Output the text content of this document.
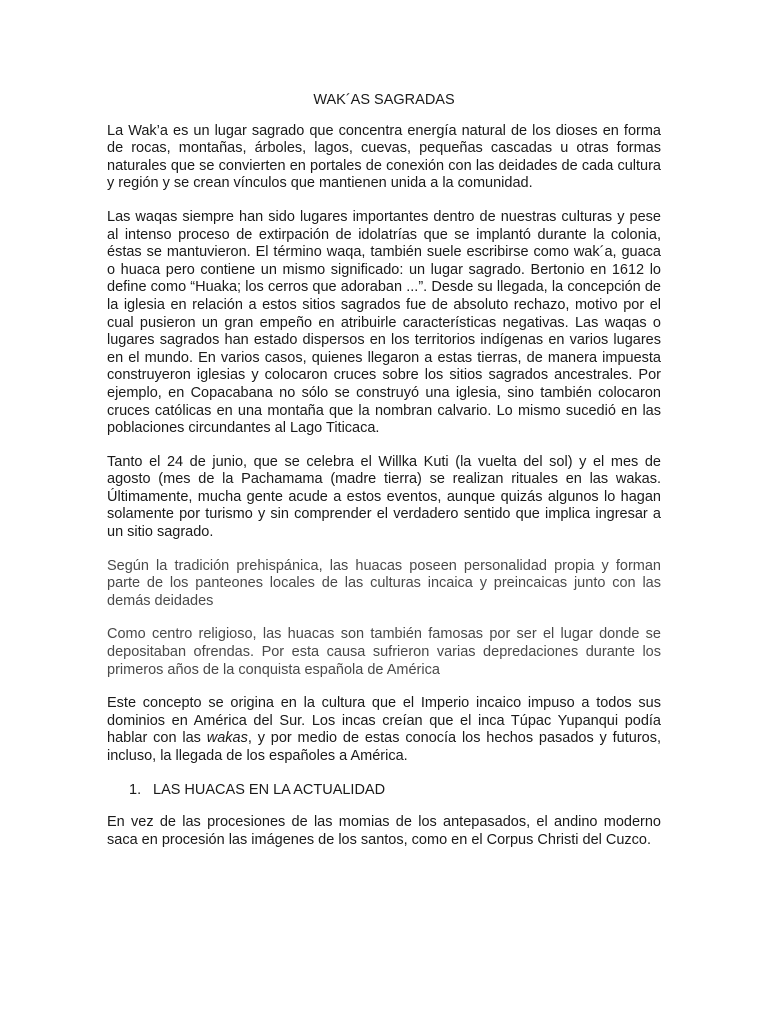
WAK´AS SAGRADAS

La Wak’a es un lugar sagrado que concentra energía natural de los dioses en forma de rocas, montañas, árboles, lagos, cuevas, pequeñas cascadas u otras formas naturales que se convierten en portales de conexión con las deidades de cada cultura y región y se crean vínculos que mantienen unida a la comunidad.

Las waqas siempre han sido lugares importantes dentro de nuestras culturas y pese al intenso proceso de extirpación de idolatrías que se implantó durante la colonia, éstas se mantuvieron. El término waqa, también suele escribirse como wak´a, guaca o huaca pero contiene un mismo significado: un lugar sagrado. Bertonio en 1612 lo define como “Huaka; los cerros que adoraban ...”. Desde su llegada, la concepción de la iglesia en relación a estos sitios sagrados fue de absoluto rechazo, motivo por el cual pusieron un gran empeño en atribuirle características negativas. Las waqas o lugares sagrados han estado dispersos en los territorios indígenas en varios lugares en el mundo. En varios casos, quienes llegaron a estas tierras, de manera impuesta construyeron iglesias y colocaron cruces sobre los sitios sagrados ancestrales. Por ejemplo, en Copacabana no sólo se construyó una iglesia, sino también colocaron cruces católicas en una montaña que la nombran calvario. Lo mismo sucedió en las poblaciones circundantes al Lago Titicaca.

Tanto el 24 de junio, que se celebra el Willka Kuti (la vuelta del sol) y el mes de agosto (mes de la Pachamama (madre tierra) se realizan rituales en las wakas. Últimamente, mucha gente acude a estos eventos, aunque quizás algunos lo hagan solamente por turismo y sin comprender el verdadero sentido que implica ingresar a un sitio sagrado.

Según la tradición prehispánica, las huacas poseen personalidad propia y forman parte de los panteones locales de las culturas incaica y preincaicas junto con las demás deidades

Como centro religioso, las huacas son también famosas por ser el lugar donde se depositaban ofrendas. Por esta causa sufrieron varias depredaciones durante los primeros años de la conquista española de América

Este concepto se origina en la cultura que el Imperio incaico impuso a todos sus dominios en América del Sur. Los incas creían que el inca Túpac Yupanqui podía hablar con las wakas, y por medio de estas conocía los hechos pasados y futuros, incluso, la llegada de los españoles a América.

1. LAS HUACAS EN LA ACTUALIDAD

En vez de las procesiones de las momias de los antepasados, el andino moderno saca en procesión las imágenes de los santos, como en el Corpus Christi del Cuzco.
